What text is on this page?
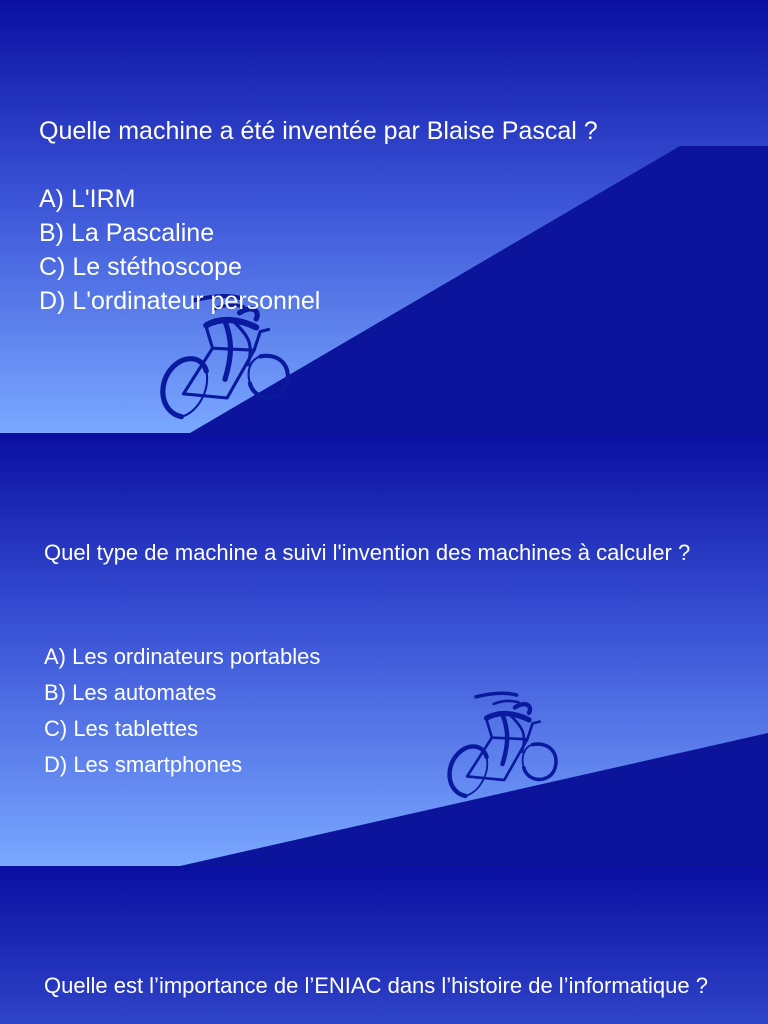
Quelle machine a été inventée par Blaise Pascal ?

A) L'IRM
B) La Pascaline
C) Le stéthoscope
D) L'ordinateur personnel

Quel type de machine a suivi l'invention des machines à calculer ?

A) Les ordinateurs portables
B) Les automates
C) Les tablettes
D) Les smartphones

Quelle est l’importance de l’ENIAC dans l’histoire de l’informatique ?
